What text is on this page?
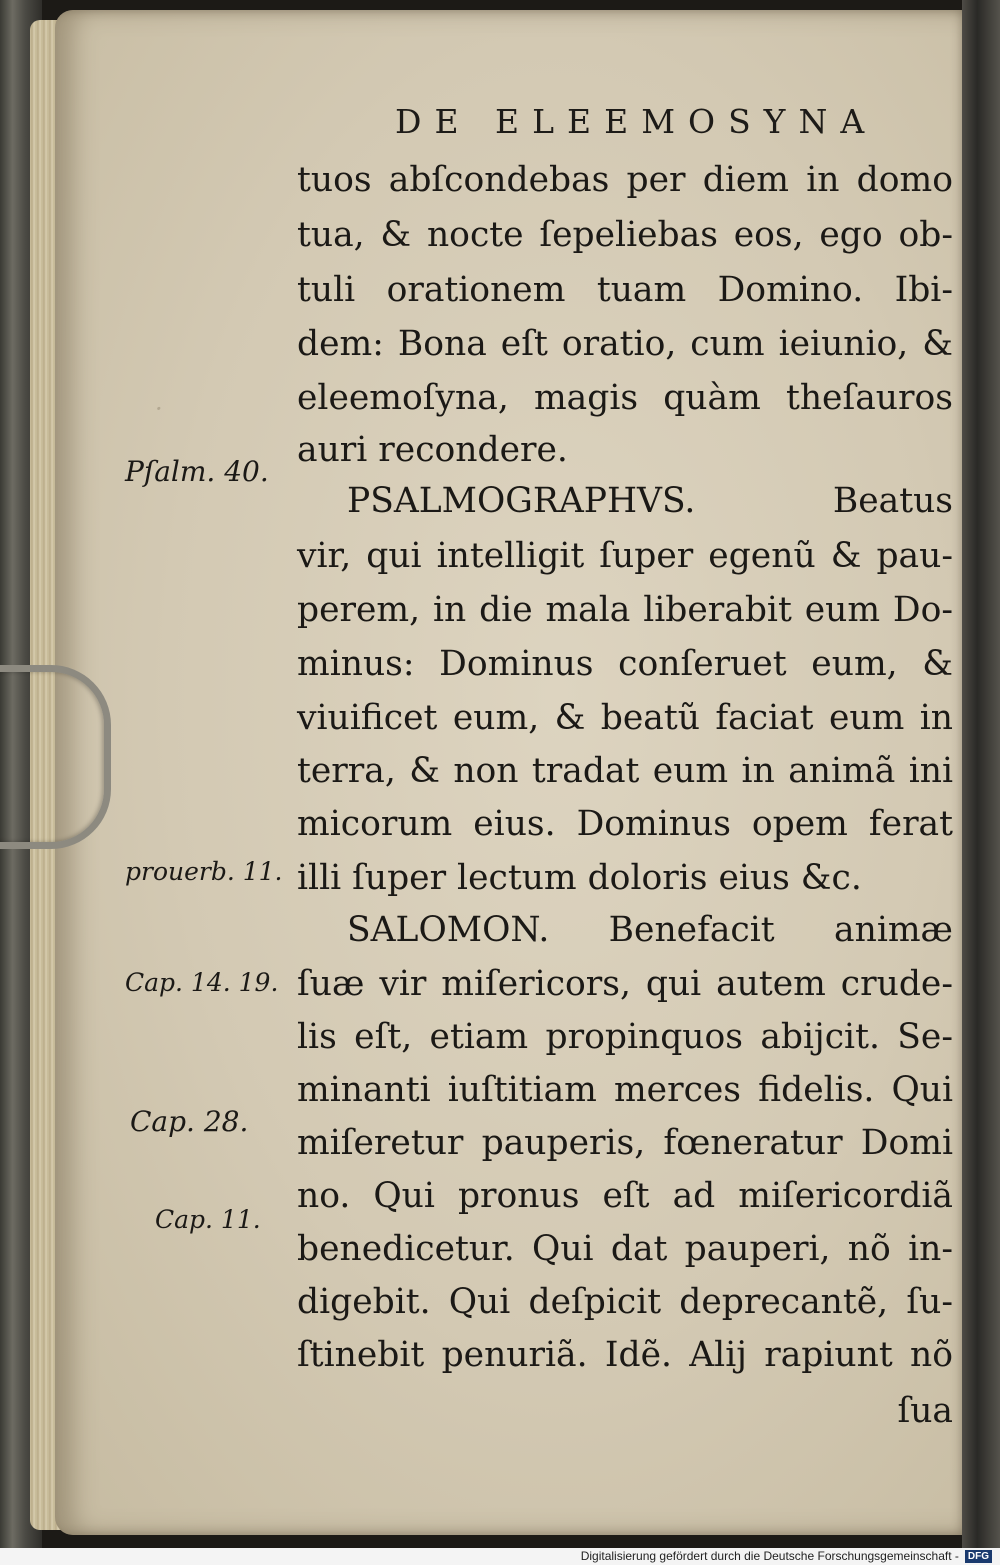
·
DE ELEEMOSYNA
tuos abſcondebas per diem in domo
tua, & nocte ſepeliebas eos, ego ob-
tuli orationem tuam Domino. Ibi-
dem: Bona eſt oratio, cum ieiunio, &
eleemoſyna, magis quàm theſauros
auri recondere.
PSALMOGRAPHVS. Beatus
vir, qui intelligit ſuper egenũ & pau-
perem, in die mala liberabit eum Do-
minus: Dominus conſeruet eum, &
viuificet eum, & beatũ faciat eum in
terra, & non tradat eum in animã ini
micorum eius. Dominus opem ferat
illi ſuper lectum doloris eius &c.
SALOMON. Benefacit animæ
ſuæ vir miſericors, qui autem crude-
lis eſt, etiam propinquos abijcit. Se-
minanti iuſtitiam merces fidelis. Qui
miſeretur pauperis, fœneratur Domi
no. Qui pronus eſt ad miſericordiã
benedicetur. Qui dat pauperi, nõ in-
digebit. Qui deſpicit deprecantẽ, ſu-
ſtinebit penuriã. Idẽ. Alij rapiunt nõ
ſua
Pſalm. 40.
prouerb. 11.
Cap. 14. 19.
Cap. 28.
Cap. 11.
Digitalisierung gefördert durch die Deutsche Forschungsgemeinschaft - DFG
